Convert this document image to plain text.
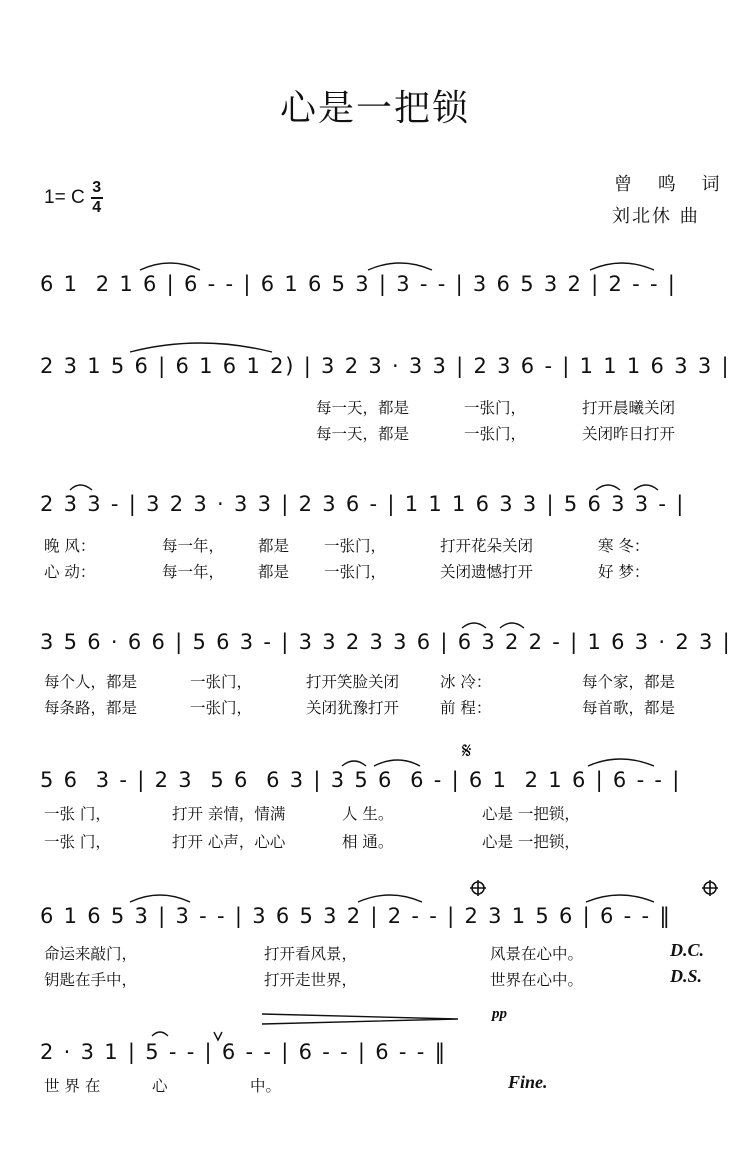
心是一把锁
1= C $\frac{3}{4}$	曾 鸣 词
刘北休 曲
6 1  2 1 6 | 6 - - | 6 1 6 5 3 | 3 - - | 3 6 5 3 2 | 2 - - |
2 3 1 5 6 | 6 1 6 1 2) | 3 2 3 · 3 3 | 2 3 6 - | 1 1 1 6 3 3 |

每一天，都是

	一张门，

	打开晨曦关闭

每一天，都是

	一张门，

	关闭昨日打开

2 3 3 - | 3 2 3 · 3 3 | 2 3 6 - | 1 1 1 6 3 3 | 5 6 3 3 - |

晚 风：

	每一年，

都是

一张门，

	打开花朵关闭

	寒 冬：

心 动：

	每一年，

都是

一张门，

	关闭遗憾打开

	好 梦：

3 5 6 · 6 6 | 5 6 3 - | 3 3 2 3 3 6 | 6 3 2 2 - | 1 6 3 · 2 3 |

每个人，都是

	一张门，

	打开笑脸关闭

	冰 冷：

	每个家，都是

每条路，都是

	一张门，

	关闭犹豫打开

	前 程：

	每首歌，都是

5 6  3 - | 2 3  5 6  6 3 | 3 5 6  6 - | 6 1  2 1 6 | 6 - - |

一张 门，

	打开 亲情，情满

	人 生。

	心是 一把锁，

一张 门，

	打开 心声，心心

	相 通。

	心是 一把锁，

6 1 6 5 3 | 3 - - | 3 6 5 3 2 | 2 - - | 2 3 1 5 6 | 6 - - ‖

命运来敲门，

	打开看风景，

	风景在心中。

钥匙在手中，

	打开走世界，

	世界在心中。

D.C.
D.S.
2 · 3 1 | 5 - - | 6 - - | 6 - - | 6 - - ‖

世 界 在

	心

	中。

pp
Fine.
𝄋
